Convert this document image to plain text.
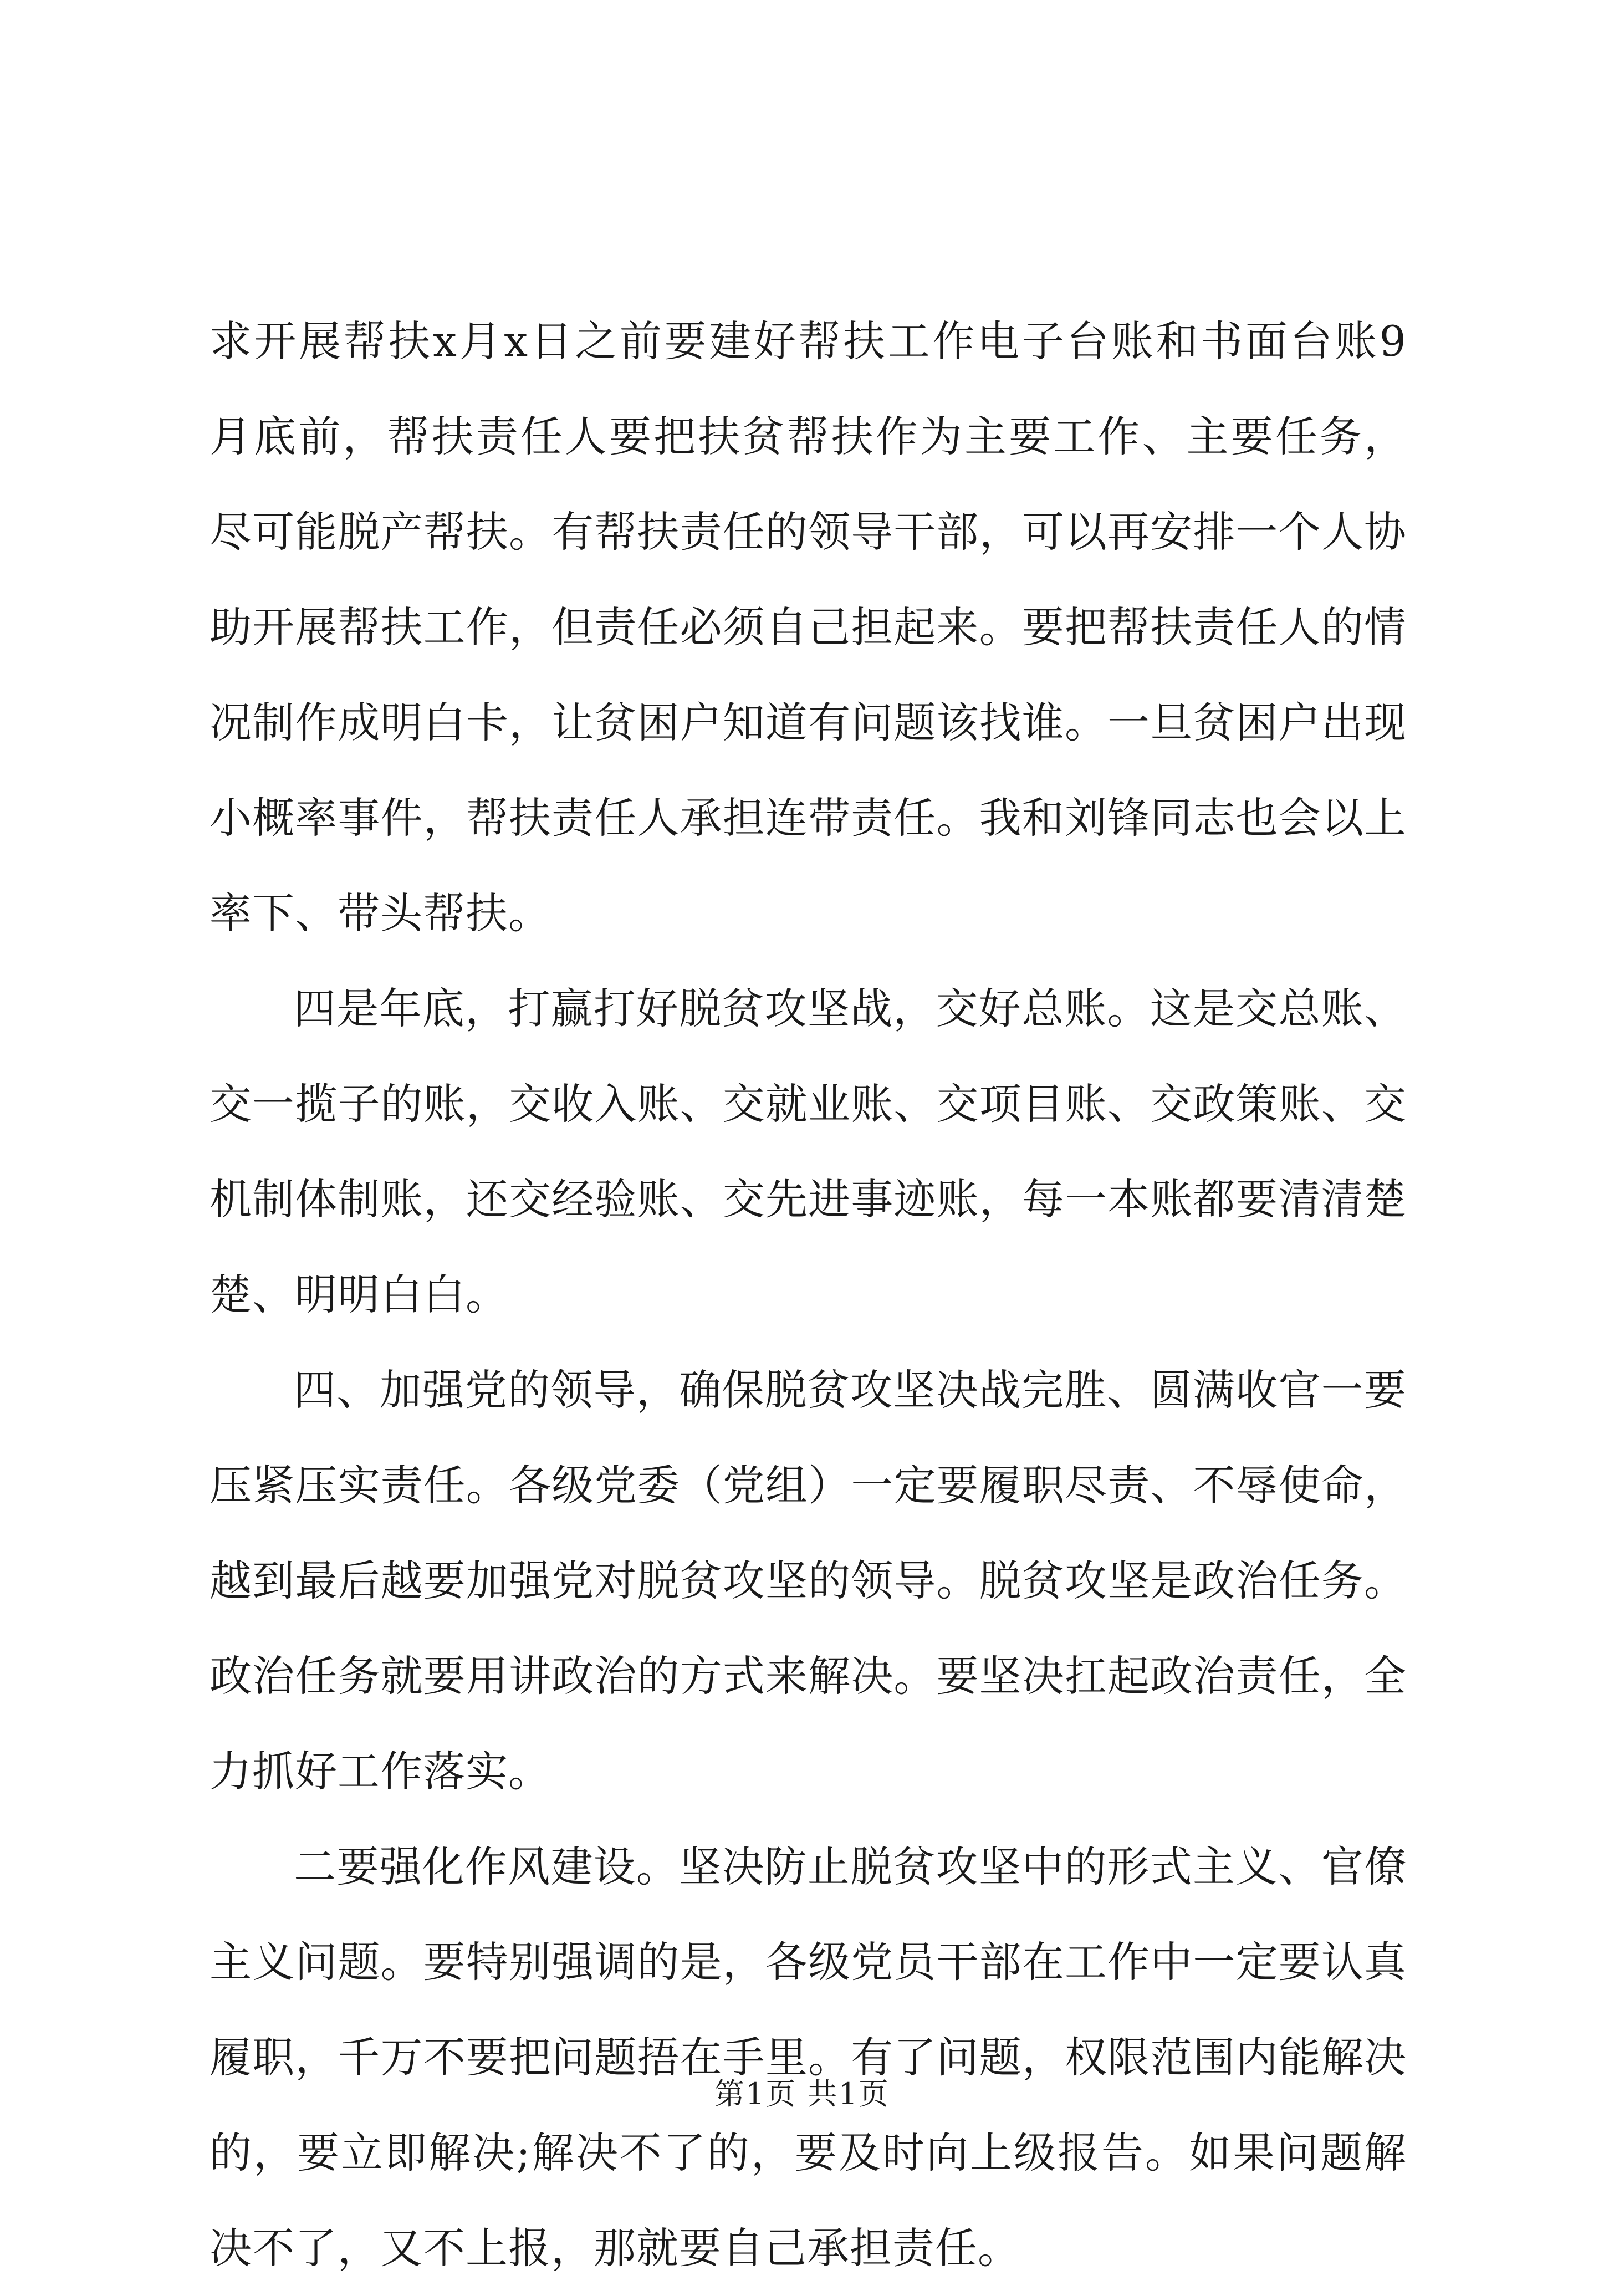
求开展帮扶x月x日之前要建好帮扶工作电子台账和书面台账9
月底前，帮扶责任人要把扶贫帮扶作为主要工作、主要任务，
尽可能脱产帮扶。有帮扶责任的领导干部，可以再安排一个人协
助开展帮扶工作，但责任必须自己担起来。要把帮扶责任人的情
况制作成明白卡，让贫困户知道有问题该找谁。一旦贫困户出现
小概率事件，帮扶责任人承担连带责任。我和刘锋同志也会以上
率下、带头帮扶。
四是年底，打赢打好脱贫攻坚战，交好总账。这是交总账、
交一揽子的账，交收入账、交就业账、交项目账、交政策账、交
机制体制账，还交经验账、交先进事迹账，每一本账都要清清楚
楚、明明白白。
四、加强党的领导，确保脱贫攻坚决战完胜、圆满收官一要
压紧压实责任。各级党委（党组）一定要履职尽责、不辱使命，
越到最后越要加强党对脱贫攻坚的领导。脱贫攻坚是政治任务。
政治任务就要用讲政治的方式来解决。要坚决扛起政治责任，全
力抓好工作落实。
二要强化作风建设。坚决防止脱贫攻坚中的形式主义、官僚
主义问题。要特别强调的是，各级党员干部在工作中一定要认真
履职，千万不要把问题捂在手里。有了问题，权限范围内能解决
的，要立即解决;解决不了的，要及时向上级报告。如果问题解
决不了，又不上报，那就要自己承担责任。
第1页 共1页
